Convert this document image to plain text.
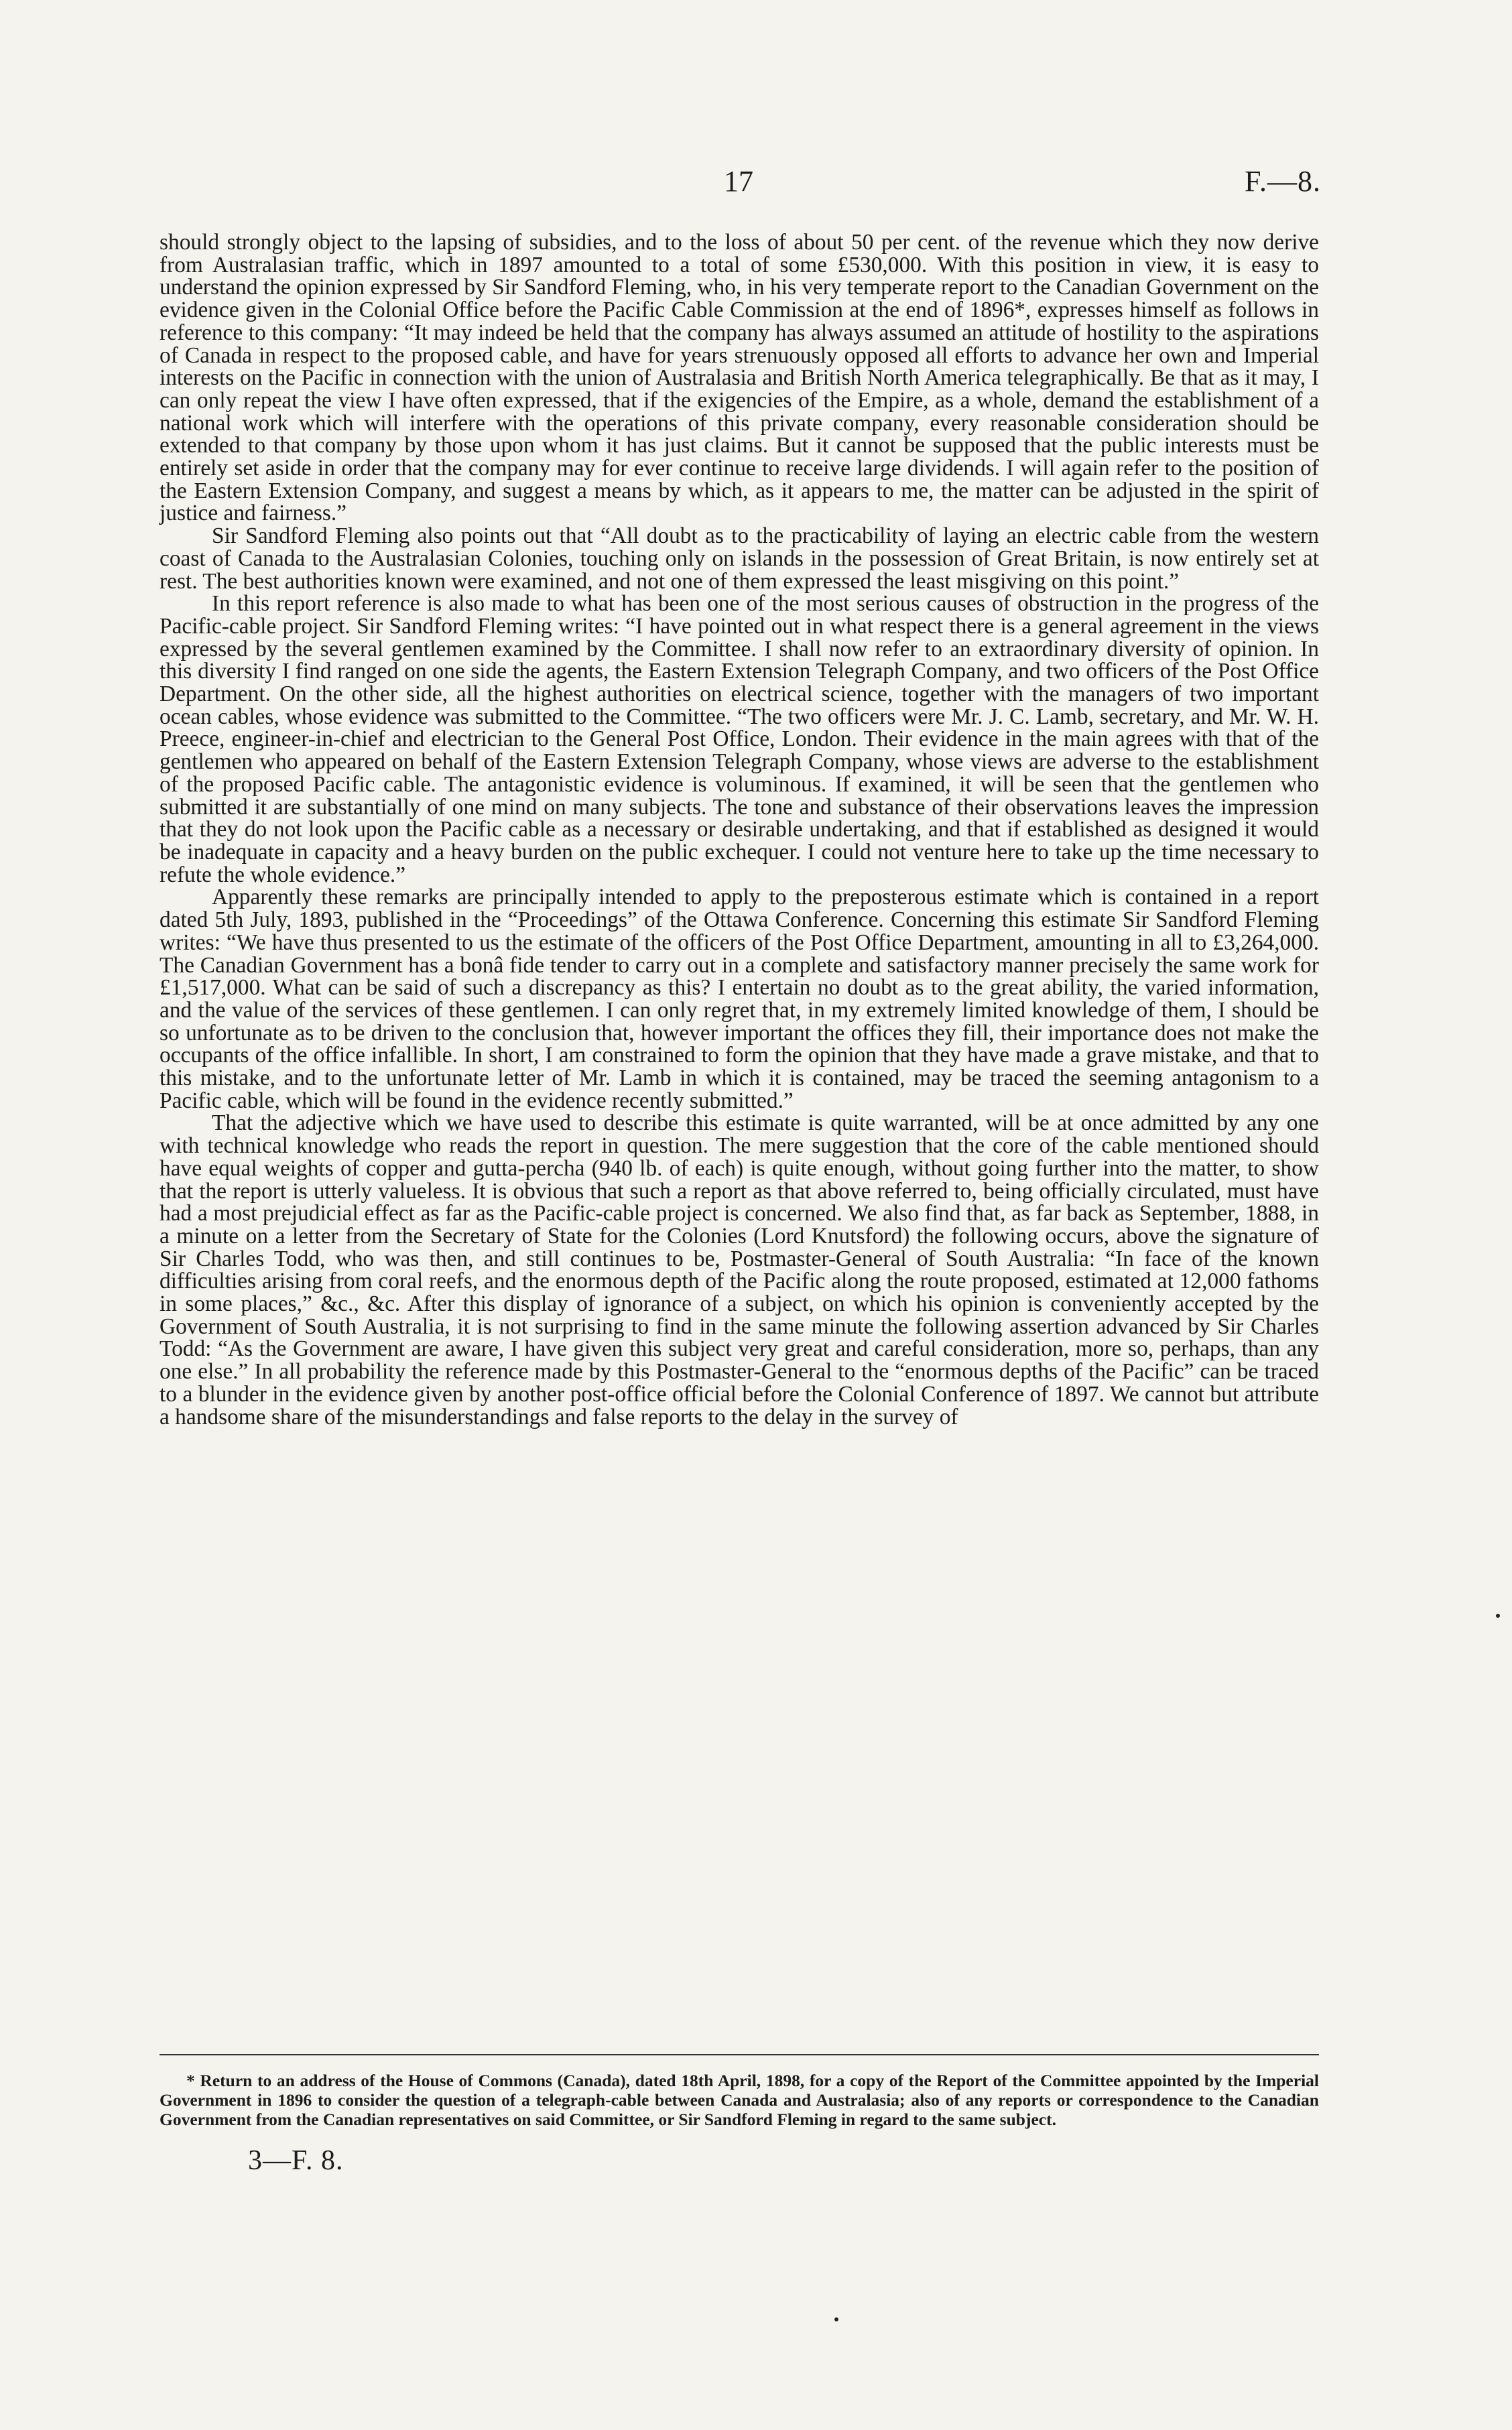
17	F.—8.

should strongly object to the lapsing of subsidies, and to the loss of about 50 per cent. of the revenue which they now derive from Australasian traffic, which in 1897 amounted to a total of some £530,000. With this position in view, it is easy to understand the opinion expressed by Sir Sandford Fleming, who, in his very temperate report to the Canadian Government on the evidence given in the Colonial Office before the Pacific Cable Commission at the end of 1896*, expresses himself as follows in reference to this company: “It may indeed be held that the company has always assumed an attitude of hostility to the aspirations of Canada in respect to the proposed cable, and have for years strenuously opposed all efforts to advance her own and Imperial interests on the Pacific in connection with the union of Australasia and British North America telegraphically. Be that as it may, I can only repeat the view I have often expressed, that if the exigencies of the Empire, as a whole, demand the establishment of a national work which will interfere with the operations of this private company, every reasonable consideration should be extended to that company by those upon whom it has just claims. But it cannot be supposed that the public interests must be entirely set aside in order that the company may for ever continue to receive large dividends. I will again refer to the position of the Eastern Extension Company, and suggest a means by which, as it appears to me, the matter can be adjusted in the spirit of justice and fairness.”

Sir Sandford Fleming also points out that “All doubt as to the practicability of laying an electric cable from the western coast of Canada to the Australasian Colonies, touching only on islands in the possession of Great Britain, is now entirely set at rest. The best authorities known were examined, and not one of them expressed the least misgiving on this point.”

In this report reference is also made to what has been one of the most serious causes of obstruction in the progress of the Pacific-cable project. Sir Sandford Fleming writes: “I have pointed out in what respect there is a general agreement in the views expressed by the several gentlemen examined by the Committee. I shall now refer to an extraordinary diversity of opinion. In this diversity I find ranged on one side the agents, the Eastern Extension Telegraph Company, and two officers of the Post Office Department. On the other side, all the highest authorities on electrical science, together with the managers of two important ocean cables, whose evidence was submitted to the Committee. “The two officers were Mr. J. C. Lamb, secretary, and Mr. W. H. Preece, engineer-in-chief and electrician to the General Post Office, London. Their evidence in the main agrees with that of the gentlemen who appeared on behalf of the Eastern Extension Telegraph Company, whose views are adverse to the establishment of the proposed Pacific cable. The antagonistic evidence is voluminous. If examined, it will be seen that the gentlemen who submitted it are substantially of one mind on many subjects. The tone and substance of their observations leaves the impression that they do not look upon the Pacific cable as a necessary or desirable undertaking, and that if established as designed it would be inadequate in capacity and a heavy burden on the public exchequer. I could not venture here to take up the time necessary to refute the whole evidence.”

Apparently these remarks are principally intended to apply to the preposterous estimate which is contained in a report dated 5th July, 1893, published in the “Proceedings” of the Ottawa Conference. Concerning this estimate Sir Sandford Fleming writes: “We have thus presented to us the estimate of the officers of the Post Office Department, amounting in all to £3,264,000. The Canadian Government has a bonâ fide tender to carry out in a complete and satisfactory manner precisely the same work for £1,517,000. What can be said of such a discrepancy as this? I entertain no doubt as to the great ability, the varied information, and the value of the services of these gentlemen. I can only regret that, in my extremely limited knowledge of them, I should be so unfortunate as to be driven to the conclusion that, however important the offices they fill, their importance does not make the occupants of the office infallible. In short, I am constrained to form the opinion that they have made a grave mistake, and that to this mistake, and to the unfortunate letter of Mr. Lamb in which it is contained, may be traced the seeming antagonism to a Pacific cable, which will be found in the evidence recently submitted.”

That the adjective which we have used to describe this estimate is quite warranted, will be at once admitted by any one with technical knowledge who reads the report in question. The mere suggestion that the core of the cable mentioned should have equal weights of copper and gutta-percha (940 lb. of each) is quite enough, without going further into the matter, to show that the report is utterly valueless. It is obvious that such a report as that above referred to, being officially circulated, must have had a most prejudicial effect as far as the Pacific-cable project is concerned. We also find that, as far back as September, 1888, in a minute on a letter from the Secretary of State for the Colonies (Lord Knutsford) the following occurs, above the signature of Sir Charles Todd, who was then, and still continues to be, Postmaster-General of South Australia: “In face of the known difficulties arising from coral reefs, and the enormous depth of the Pacific along the route proposed, estimated at 12,000 fathoms in some places,” &c., &c. After this display of ignorance of a subject, on which his opinion is conveniently accepted by the Government of South Australia, it is not surprising to find in the same minute the following assertion advanced by Sir Charles Todd: “As the Government are aware, I have given this subject very great and careful consideration, more so, perhaps, than any one else.” In all probability the reference made by this Postmaster-General to the “enormous depths of the Pacific” can be traced to a blunder in the evidence given by another post-office official before the Colonial Conference of 1897. We cannot but attribute a handsome share of the misunderstandings and false reports to the delay in the survey of

* Return to an address of the House of Commons (Canada), dated 18th April, 1898, for a copy of the Report of the Committee appointed by the Imperial Government in 1896 to consider the question of a telegraph-cable between Canada and Australasia; also of any reports or correspondence to the Canadian Government from the Canadian representatives on said Committee, or Sir Sandford Fleming in regard to the same subject.

3—F. 8.
